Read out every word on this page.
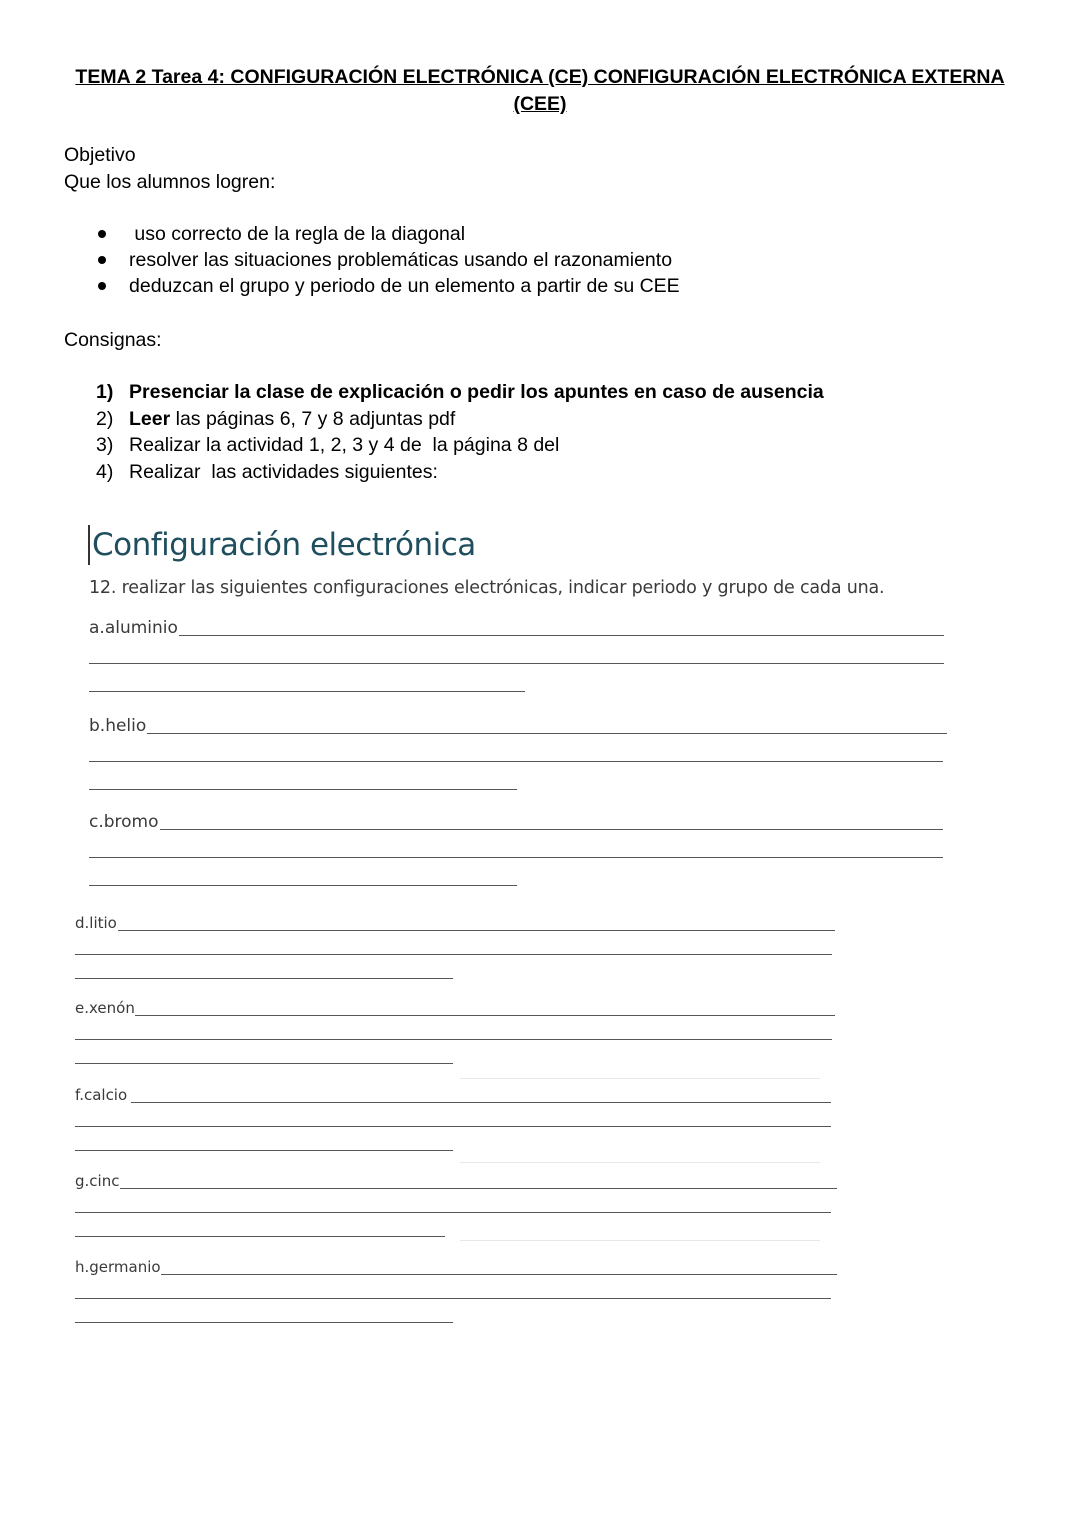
TEMA 2 Tarea 4: CONFIGURACIÓN ELECTRÓNICA (CE) CONFIGURACIÓN ELECTRÓNICA EXTERNA (CEE)
Objetivo
Que los alumnos logren:
uso correcto de la regla de la diagonal
resolver las situaciones problemáticas usando el razonamiento
deduzcan el grupo y periodo de un elemento a partir de su CEE
Consignas:
1) Presenciar la clase de explicación o pedir los apuntes en caso de ausencia
2) Leer las páginas 6, 7 y 8 adjuntas pdf
3) Realizar la actividad 1, 2, 3 y 4 de  la página 8 del
4) Realizar  las actividades siguientes:
Configuración electrónica
12. realizar las siguientes configuraciones electrónicas, indicar periodo y grupo de cada una.
a.aluminio
b.helio
c.bromo
d.litio
e.xenón
f.calcio
g.cinc
h.germanio
